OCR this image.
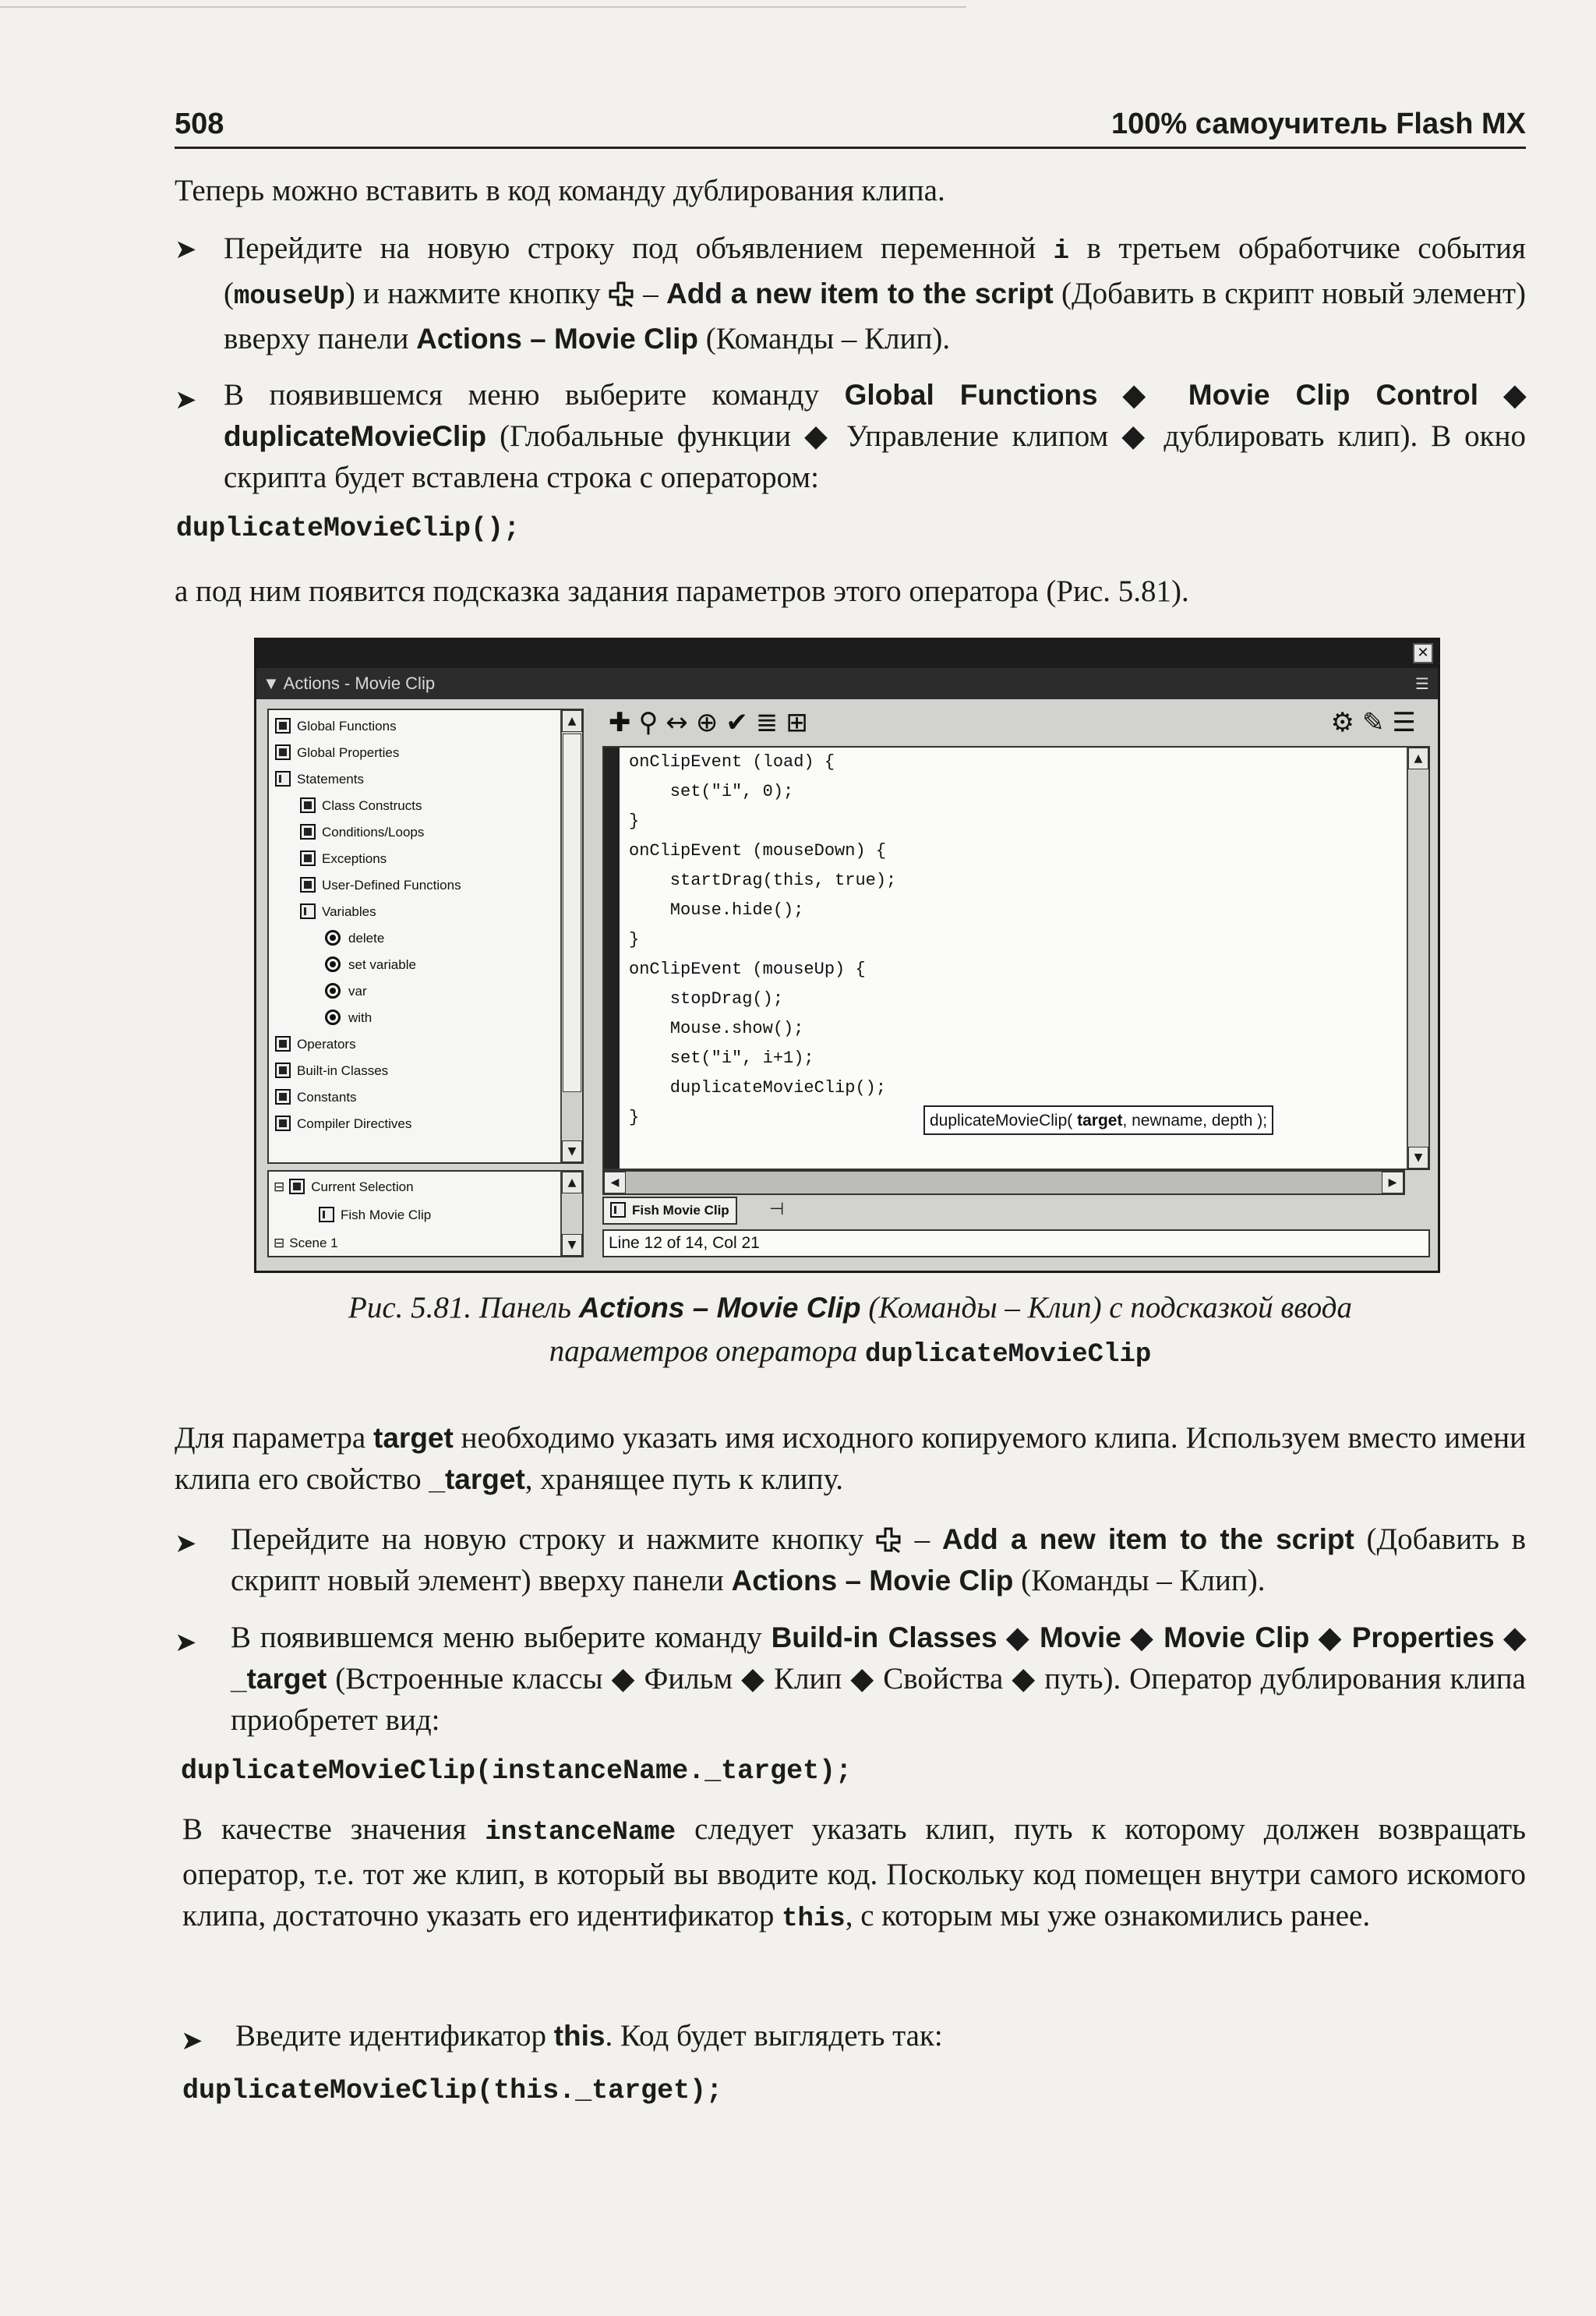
508	100% самоучитель Flash MX
Теперь можно вставить в код команду дублирования клипа.
➤ Перейдите на новую строку под объявлением переменной i в третьем обработчике события (mouseUp) и нажмите кнопку  – Add a new item to the script (Добавить в скрипт новый элемент) вверху панели Actions – Movie Clip (Команды – Клип).
➤ В появившемся меню выберите команду Global Functions ◆ Movie Clip Control ◆ duplicateMovieClip (Глобальные функции ◆ Управление клипом ◆ дублировать клип). В окно скрипта будет вставлена строка с оператором:
duplicateMovieClip();
а под ним появится подсказка задания параметров этого оператора (Рис. 5.81).
✕
▼ Actions - Movie Clip	☰
Global Functions
Global Properties
Statements
Class Constructs
Conditions/Loops
Exceptions
User-Defined Functions
Variables
delete
set variable
var
with
Operators
Built-in Classes
Constants
Compiler Directives
▲
▼
⊟ Current Selection
Fish Movie Clip
⊟ Scene 1
▲
▼
✚⚲↔⊕✔≣⊞	⚙✎☰
onClipEvent (load) {
set("i", 0);
}
onClipEvent (mouseDown) {
startDrag(this, true);
Mouse.hide();
}
onClipEvent (mouseUp) {
stopDrag();
Mouse.show();
set("i", i+1);
duplicateMovieClip();
}	duplicateMovieClip( target, newname, depth );
▲
▼
◀	▶
Fish Movie Clip	⊣
Line 12 of 14, Col 21
Рис. 5.81. Панель Actions – Movie Clip (Команды – Клип) с подсказкой ввода
параметров оператора duplicateMovieClip
Для параметра target необходимо указать имя исходного копируемого клипа. Используем вместо имени клипа его свойство _target, хранящее путь к клипу.
➤ Перейдите на новую строку и нажмите кнопку  – Add a new item to the script (Добавить в скрипт новый элемент) вверху панели Actions – Movie Clip (Команды – Клип).
➤ В появившемся меню выберите команду Build-in Classes ◆ Movie ◆ Movie Clip ◆ Properties ◆ _target (Встроенные классы ◆ Фильм ◆ Клип ◆ Свойства ◆ путь). Оператор дублирования клипа приобретет вид:
duplicateMovieClip(instanceName._target);
В качестве значения instanceName следует указать клип, путь к которому должен возвращать оператор, т.е. тот же клип, в который вы вводите код. Поскольку код помещен внутри самого искомого клипа, достаточно указать его идентификатор this, с которым мы уже ознакомились ранее.
➤ Введите идентификатор this. Код будет выглядеть так:
duplicateMovieClip(this._target);
